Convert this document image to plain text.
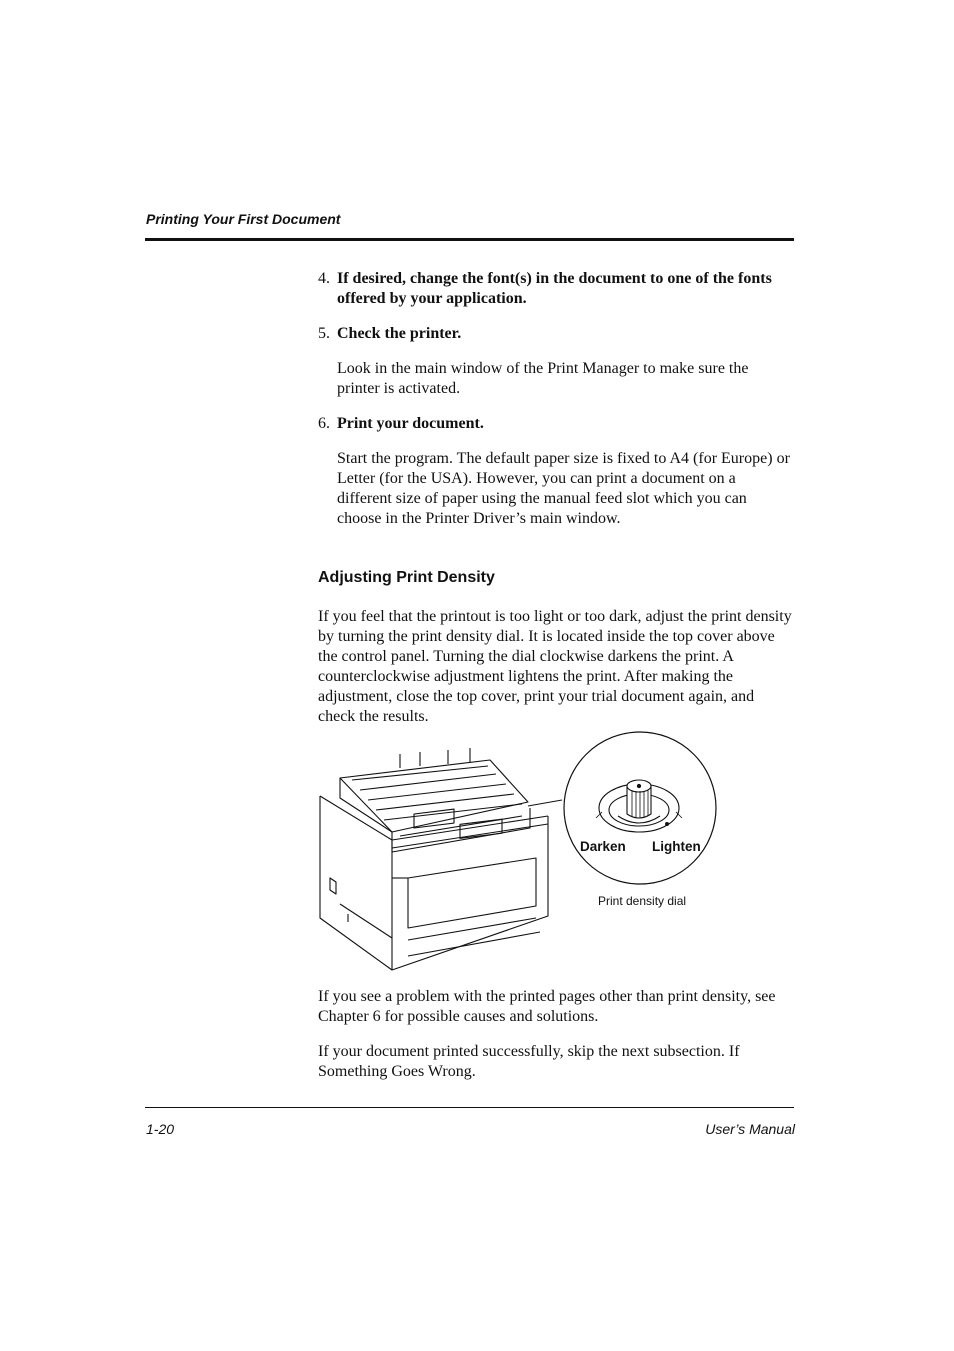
Printing Your First Document
4. If desired, change the font(s) in the document to one of the fonts offered by your application.
5. Check the printer.
Look in the main window of the Print Manager to make sure the printer is activated.
6. Print your document.
Start the program. The default paper size is fixed to A4 (for Europe) or Letter (for the USA). However, you can print a document on a different size of paper using the manual feed slot which you can choose in the Printer Driver’s main window.
Adjusting Print Density
If you feel that the printout is too light or too dark, adjust the print density by turning the print density dial. It is located inside the top cover above the control panel. Turning the dial clockwise darkens the print. A counterclockwise adjustment lightens the print. After making the adjustment, close the top cover, print your trial document again, and check the results.
Darken Lighten
Print density dial
If you see a problem with the printed pages other than print density, see Chapter 6 for possible causes and solutions.
If your document printed successfully, skip the next subsection. If Something Goes Wrong.
1-20	User’s Manual
